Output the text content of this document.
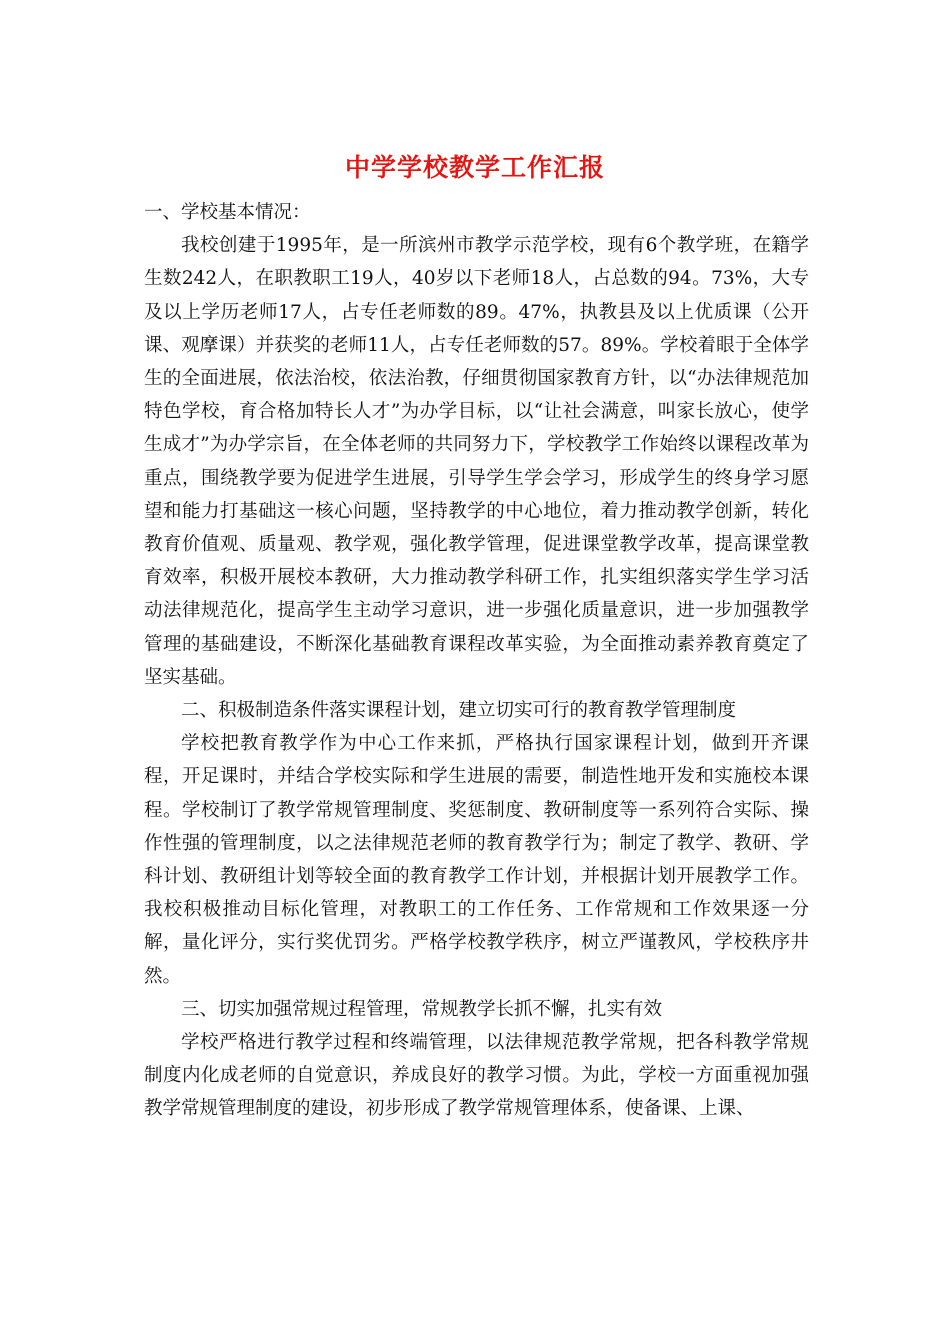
中学学校教学工作汇报

一、学校基本情况：

我校创建于1995年，是一所滨州市教学示范学校，现有6个教学班，在籍学生数242人，在职教职工19人，40岁以下老师18人，占总数的94。73%，大专及以上学历老师17人，占专任老师数的89。47%，执教县及以上优质课（公开课、观摩课）并获奖的老师11人，占专任老师数的57。89%。学校着眼于全体学生的全面进展，依法治校，依法治教，仔细贯彻国家教育方针，以“办法律规范加特色学校，育合格加特长人才”为办学目标，以“让社会满意，叫家长放心，使学生成才”为办学宗旨，在全体老师的共同努力下，学校教学工作始终以课程改革为重点，围绕教学要为促进学生进展，引导学生学会学习，形成学生的终身学习愿望和能力打基础这一核心问题，坚持教学的中心地位，着力推动教学创新，转化教育价值观、质量观、教学观，强化教学管理，促进课堂教学改革，提高课堂教育效率，积极开展校本教研，大力推动教学科研工作，扎实组织落实学生学习活动法律规范化，提高学生主动学习意识，进一步强化质量意识，进一步加强教学管理的基础建设，不断深化基础教育课程改革实验，为全面推动素养教育奠定了坚实基础。

二、积极制造条件落实课程计划，建立切实可行的教育教学管理制度

学校把教育教学作为中心工作来抓，严格执行国家课程计划，做到开齐课程，开足课时，并结合学校实际和学生进展的需要，制造性地开发和实施校本课程。学校制订了教学常规管理制度、奖惩制度、教研制度等一系列符合实际、操作性强的管理制度，以之法律规范老师的教育教学行为；制定了教学、教研、学科计划、教研组计划等较全面的教育教学工作计划，并根据计划开展教学工作。我校积极推动目标化管理，对教职工的工作任务、工作常规和工作效果逐一分解，量化评分，实行奖优罚劣。严格学校教学秩序，树立严谨教风，学校秩序井然。

三、切实加强常规过程管理，常规教学长抓不懈，扎实有效

学校严格进行教学过程和终端管理，以法律规范教学常规，把各科教学常规制度内化成老师的自觉意识，养成良好的教学习惯。为此，学校一方面重视加强教学常规管理制度的建设，初步形成了教学常规管理体系，使备课、上课、
